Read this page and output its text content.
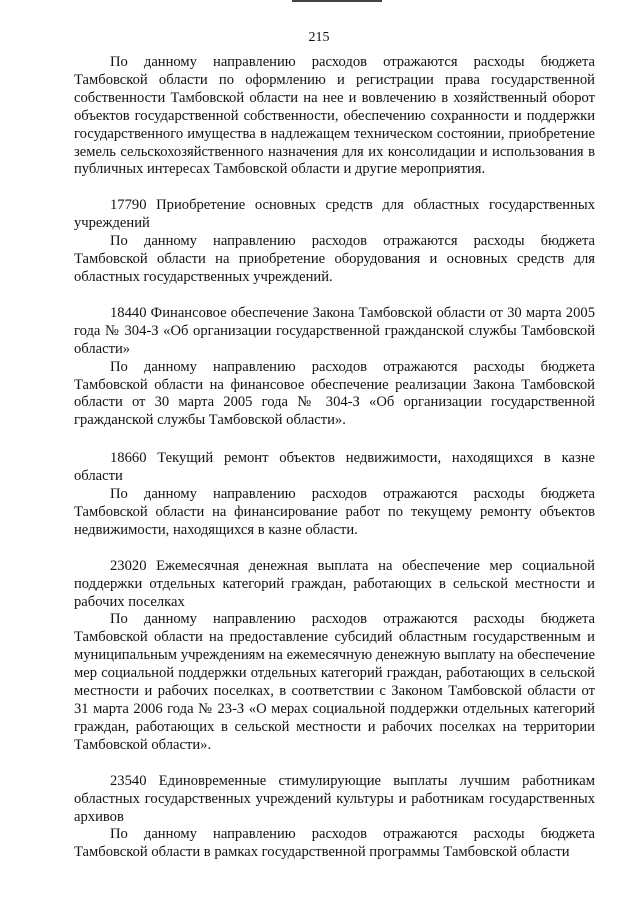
215

По данному направлению расходов отражаются расходы бюджета Тамбовской области по оформлению и регистрации права государственной собственности Тамбовской области на нее и вовлечению в хозяйственный оборот объектов государственной собственности, обеспечению сохранности и поддержки государственного имущества в надлежащем техническом состоянии, приобретение земель сельскохозяйственного назначения для их консолидации и использования в публичных интересах Тамбовской области и другие мероприятия.

17790 Приобретение основных средств для областных государственных учреждений

По данному направлению расходов отражаются расходы бюджета Тамбовской области на приобретение оборудования и основных средств для областных государственных учреждений.

18440 Финансовое обеспечение Закона Тамбовской области от 30 марта 2005 года № 304-З «Об организации государственной гражданской службы Тамбовской области»

По данному направлению расходов отражаются расходы бюджета Тамбовской области на финансовое обеспечение реализации Закона Тамбовской области от 30 марта 2005 года № 304-З «Об организации государственной гражданской службы Тамбовской области».

18660 Текущий ремонт объектов недвижимости, находящихся в казне области

По данному направлению расходов отражаются расходы бюджета Тамбовской области на финансирование работ по текущему ремонту объектов недвижимости, находящихся в казне области.

23020 Ежемесячная денежная выплата на обеспечение мер социальной поддержки отдельных категорий граждан, работающих в сельской местности и рабочих поселках

По данному направлению расходов отражаются расходы бюджета Тамбовской области на предоставление субсидий областным государственным и муниципальным учреждениям на ежемесячную денежную выплату на обеспечение мер социальной поддержки отдельных категорий граждан, работающих в сельской местности и рабочих поселках, в соответствии с Законом Тамбовской области от 31 марта 2006 года № 23-З «О мерах социальной поддержки отдельных категорий граждан, работающих в сельской местности и рабочих поселках на территории Тамбовской области».

23540 Единовременные стимулирующие выплаты лучшим работникам областных государственных учреждений культуры и работникам государственных архивов

По данному направлению расходов отражаются расходы бюджета Тамбовской области в рамках государственной программы Тамбовской области
